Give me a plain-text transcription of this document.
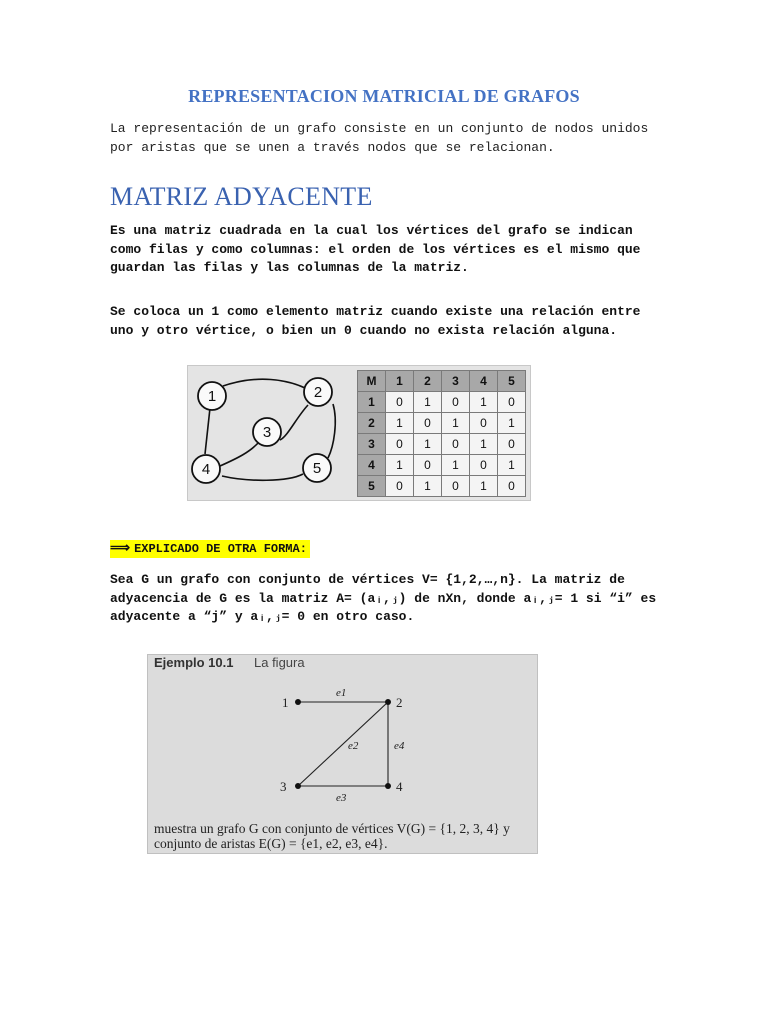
REPRESENTACION MATRICIAL DE GRAFOS
La representación de un grafo consiste en un conjunto de nodos unidos por aristas que se unen a través nodos que se relacionan.
MATRIZ ADYACENTE
Es una matriz cuadrada en la cual los vértices del grafo se indican como filas y como columnas: el orden de los vértices es el mismo que guardan las filas y las columnas de la matriz.
Se coloca un 1 como elemento matriz cuando existe una relación entre uno y otro vértice, o bien un 0 cuando no exista relación alguna.
1	2
3
4	5
M	1	2	3	4	5
1	0	1	0	1	0
2	1	0	1	0	1
3	0	1	0	1	0
4	1	0	1	0	1
5	0	1	0	1	0
⟹ EXPLICADO DE OTRA FORMA:
Sea G un grafo con conjunto de vértices V= {1,2,…,n}. La matriz de adyacencia de G es la matriz A= (aᵢ,ⱼ) de nXn, donde aᵢ,ⱼ= 1 si “i” es adyacente a “j” y aᵢ,ⱼ= 0 en otro caso.
Ejemplo 10.1 La figura
1	2
3	4
e1
e2
e3
e4
muestra un grafo G con conjunto de vértices V(G) = {1, 2, 3, 4} y
conjunto de aristas E(G) = {e1, e2, e3, e4}.
